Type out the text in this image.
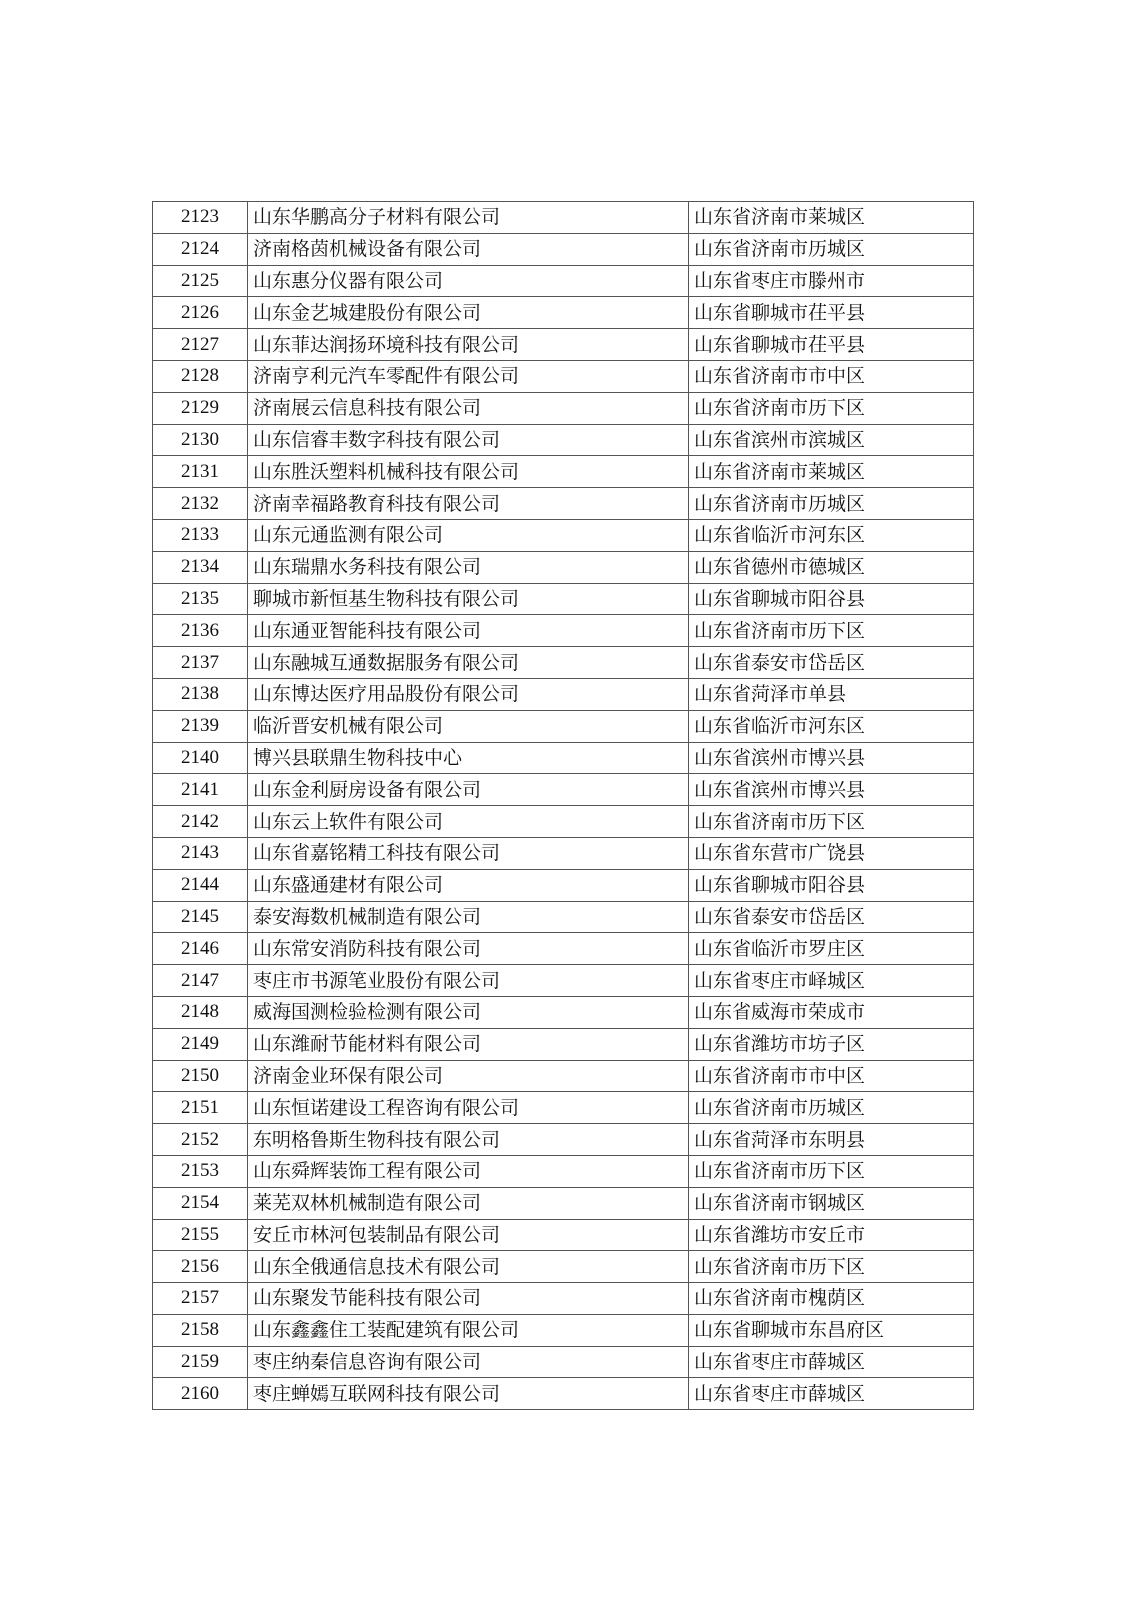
2123	山东华鹏高分子材料有限公司	山东省济南市莱城区
2124	济南格茵机械设备有限公司	山东省济南市历城区
2125	山东惠分仪器有限公司	山东省枣庄市滕州市
2126	山东金艺城建股份有限公司	山东省聊城市茌平县
2127	山东菲达润扬环境科技有限公司	山东省聊城市茌平县
2128	济南亨利元汽车零配件有限公司	山东省济南市市中区
2129	济南展云信息科技有限公司	山东省济南市历下区
2130	山东信睿丰数字科技有限公司	山东省滨州市滨城区
2131	山东胜沃塑料机械科技有限公司	山东省济南市莱城区
2132	济南幸福路教育科技有限公司	山东省济南市历城区
2133	山东元通监测有限公司	山东省临沂市河东区
2134	山东瑞鼎水务科技有限公司	山东省德州市德城区
2135	聊城市新恒基生物科技有限公司	山东省聊城市阳谷县
2136	山东通亚智能科技有限公司	山东省济南市历下区
2137	山东融城互通数据服务有限公司	山东省泰安市岱岳区
2138	山东博达医疗用品股份有限公司	山东省菏泽市单县
2139	临沂晋安机械有限公司	山东省临沂市河东区
2140	博兴县联鼎生物科技中心	山东省滨州市博兴县
2141	山东金利厨房设备有限公司	山东省滨州市博兴县
2142	山东云上软件有限公司	山东省济南市历下区
2143	山东省嘉铭精工科技有限公司	山东省东营市广饶县
2144	山东盛通建材有限公司	山东省聊城市阳谷县
2145	泰安海数机械制造有限公司	山东省泰安市岱岳区
2146	山东常安消防科技有限公司	山东省临沂市罗庄区
2147	枣庄市书源笔业股份有限公司	山东省枣庄市峄城区
2148	威海国测检验检测有限公司	山东省威海市荣成市
2149	山东潍耐节能材料有限公司	山东省潍坊市坊子区
2150	济南金业环保有限公司	山东省济南市市中区
2151	山东恒诺建设工程咨询有限公司	山东省济南市历城区
2152	东明格鲁斯生物科技有限公司	山东省菏泽市东明县
2153	山东舜辉装饰工程有限公司	山东省济南市历下区
2154	莱芜双林机械制造有限公司	山东省济南市钢城区
2155	安丘市林河包装制品有限公司	山东省潍坊市安丘市
2156	山东全俄通信息技术有限公司	山东省济南市历下区
2157	山东聚发节能科技有限公司	山东省济南市槐荫区
2158	山东鑫鑫住工装配建筑有限公司	山东省聊城市东昌府区
2159	枣庄纳秦信息咨询有限公司	山东省枣庄市薛城区
2160	枣庄蝉嫣互联网科技有限公司	山东省枣庄市薛城区
